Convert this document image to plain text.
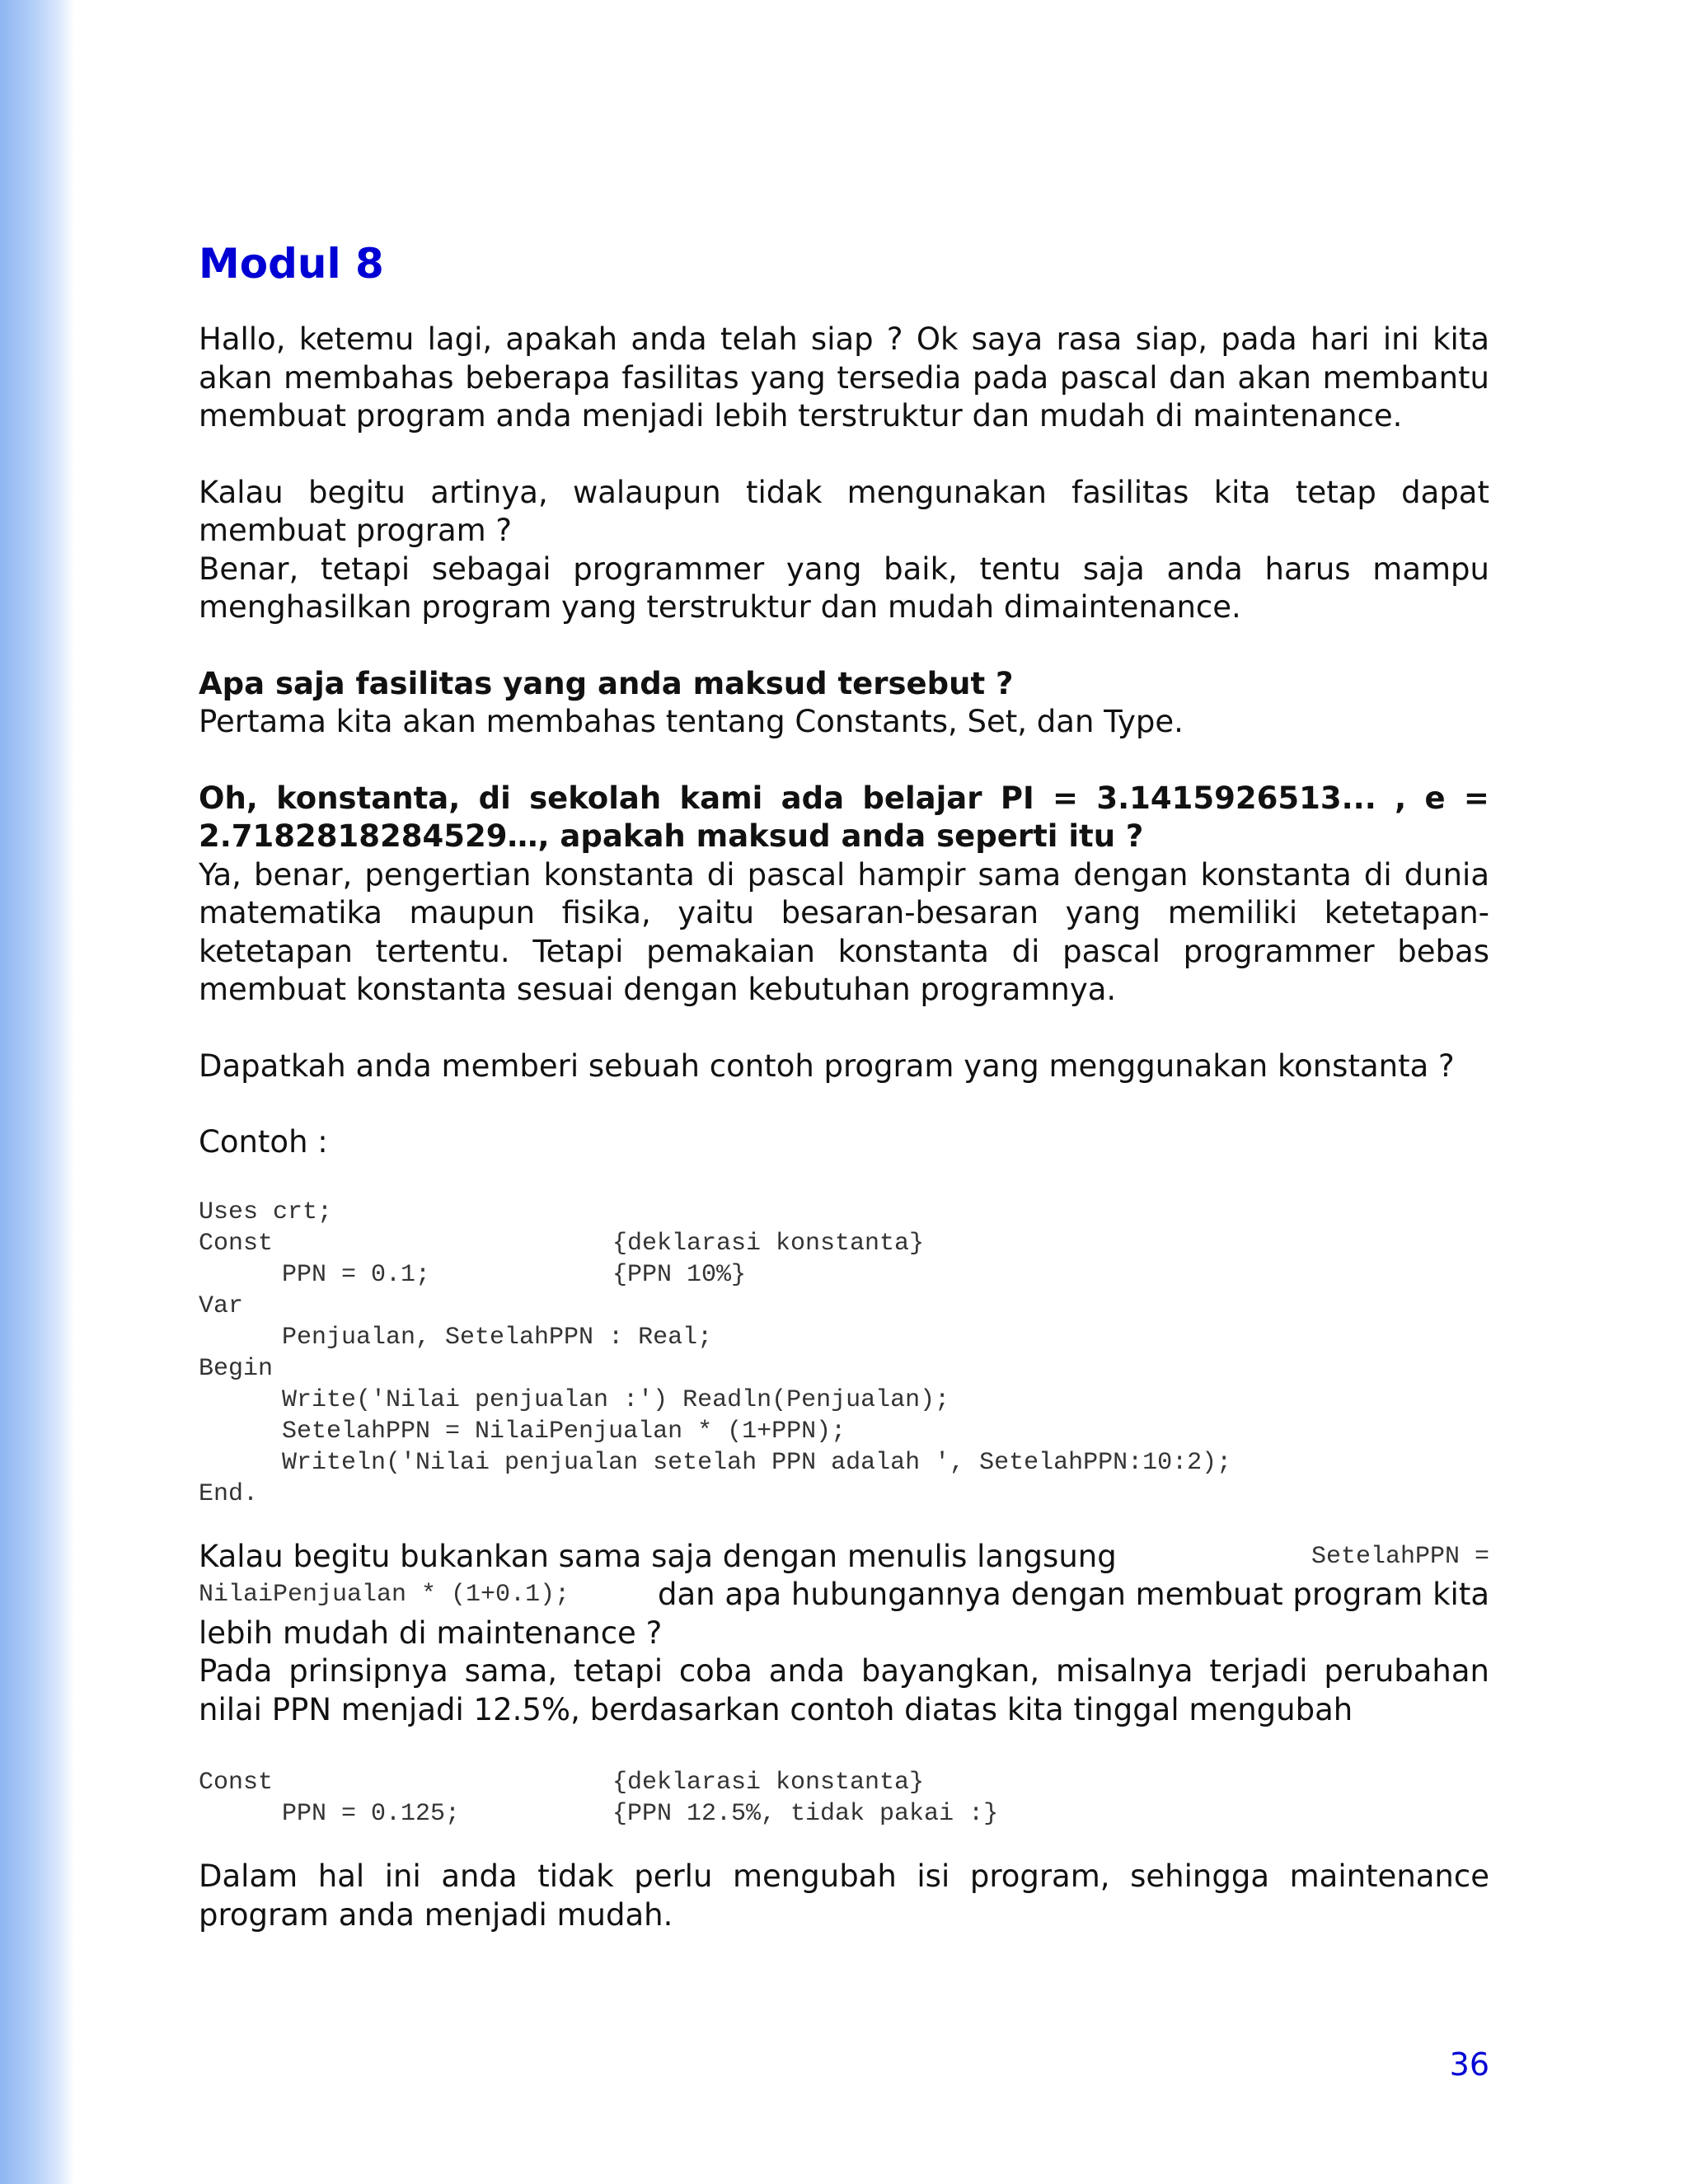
Modul 8

Hallo, ketemu lagi, apakah anda telah siap ? Ok saya rasa siap, pada hari ini kita akan membahas beberapa fasilitas yang tersedia pada pascal dan akan membantu membuat program anda menjadi lebih terstruktur dan mudah di maintenance.

Kalau begitu artinya, walaupun tidak mengunakan fasilitas kita tetap dapat membuat program ?

Benar, tetapi sebagai programmer yang baik, tentu saja anda harus mampu menghasilkan program yang terstruktur dan mudah dimaintenance.

Apa saja fasilitas yang anda maksud tersebut ?

Pertama kita akan membahas tentang Constants, Set, dan Type.

Oh, konstanta, di sekolah kami ada belajar PI = 3.1415926513... , e =
2.7182818284529…, apakah maksud anda seperti itu ?

Ya, benar, pengertian konstanta di pascal hampir sama dengan konstanta di dunia matematika maupun fisika, yaitu besaran-besaran yang memiliki ketetapan-ketetapan tertentu. Tetapi pemakaian konstanta di pascal programmer bebas membuat konstanta sesuai dengan kebutuhan programnya.

Dapatkah anda memberi sebuah contoh program yang menggunakan konstanta ?

Contoh :

Uses crt;
Const	{deklarasi konstanta}
PPN = 0.1;	{PPN 10%}
Var
Penjualan, SetelahPPN : Real;
Begin
Write('Nilai penjualan :') Readln(Penjualan);
SetelahPPN = NilaiPenjualan * (1+PPN);
Writeln('Nilai penjualan setelah PPN adalah ', SetelahPPN:10:2);
End.
Kalau begitu bukankan sama saja dengan menulis langsung	SetelahPPN =
NilaiPenjualan * (1+0.1);	dan apa hubungannya dengan membuat program kita
lebih mudah di maintenance ?

Pada prinsipnya sama, tetapi coba anda bayangkan, misalnya terjadi perubahan nilai PPN menjadi 12.5%, berdasarkan contoh diatas kita tinggal mengubah

Const	{deklarasi konstanta}
PPN = 0.125;	{PPN 12.5%, tidak pakai :}

Dalam hal ini anda tidak perlu mengubah isi program, sehingga maintenance program anda menjadi mudah.

36
